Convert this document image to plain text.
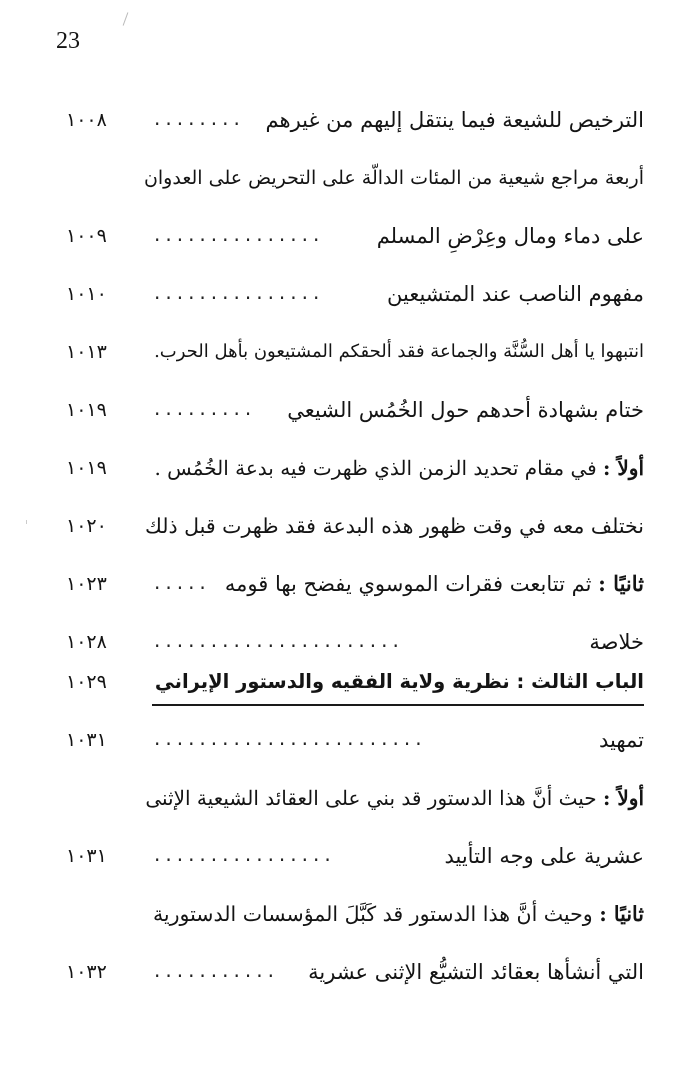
23
الترخيص للشيعة فيما ينتقل إليهم من غيرهم
........
١٠٠٨
أربعة مراجع شيعية من المئات الدالّة على التحريض على العدوان
على دماء ومال وعِرْضِ المسلم
...............
١٠٠٩
مفهوم الناصب عند المتشيعين
...............
١٠١٠
انتبهوا يا أهل السُّنَّة والجماعة فقد ألحقكم المشتيعون بأهل الحرب.
١٠١٣
ختام بشهادة أحدهم حول الخُمُس الشيعي
.........
١٠١٩
أولاً : في مقام تحديد الزمن الذي ظهرت فيه بدعة الخُمُس .
١٠١٩
نختلف معه في وقت ظهور هذه البدعة فقد ظهرت قبل ذلك
١٠٢٠
ثانيًا : ثم تتابعت فقرات الموسوي يفضح بها قومه
.....
١٠٢٣
خلاصة
......................
١٠٢٨
الباب الثالث : نظرية ولاية الفقيه والدستور الإيراني
١٠٢٩
تمهيد
........................
١٠٣١
أولاً : حيث أنَّ هذا الدستور قد بني على العقائد الشيعية الإثنى
عشرية على وجه التأييد
................
١٠٣١
ثانيًا : وحيث أنَّ هذا الدستور قد كَبَّلَ المؤسسات الدستورية
التي أنشأها بعقائد التشيُّع الإثنى عشرية
...........
١٠٣٢
